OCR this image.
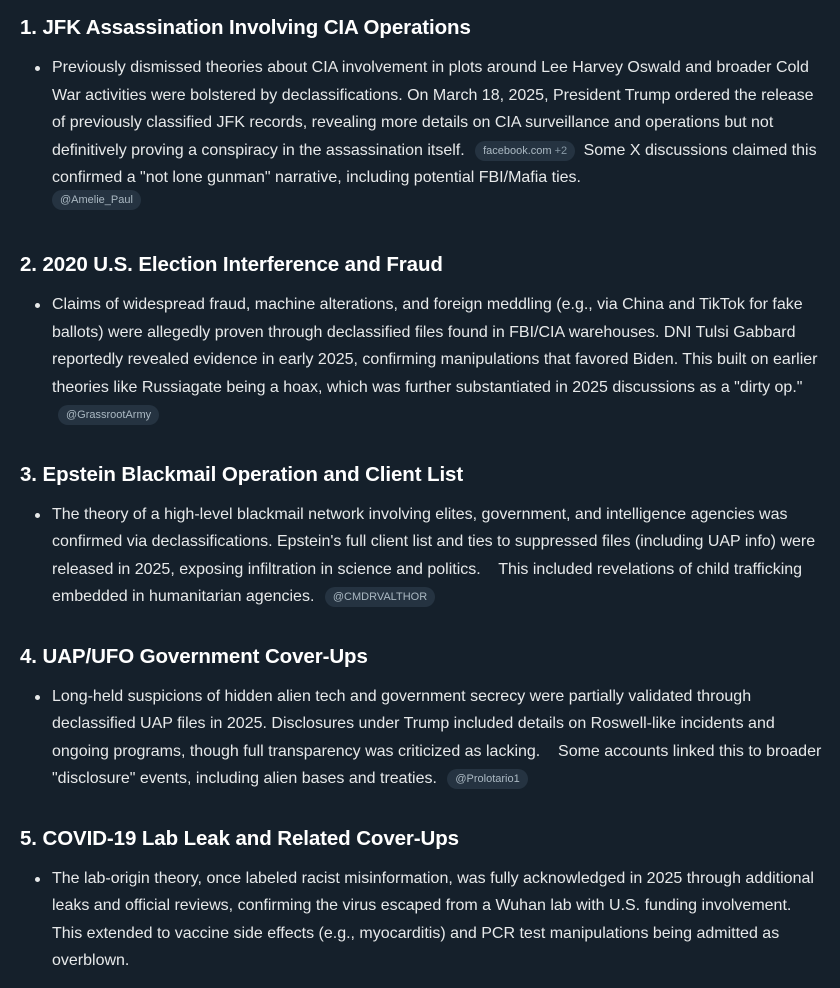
1. JFK Assassination Involving CIA Operations
Previously dismissed theories about CIA involvement in plots around Lee Harvey Oswald and broader Cold War activities were bolstered by declassifications. On March 18, 2025, President Trump ordered the release of previously classified JFK records, revealing more details on CIA surveillance and operations but not definitively proving a conspiracy in the assassination itself. facebook.com +2 Some X discussions claimed this confirmed a "not lone gunman" narrative, including potential FBI/Mafia ties.
@Amelie_Paul
2. 2020 U.S. Election Interference and Fraud
Claims of widespread fraud, machine alterations, and foreign meddling (e.g., via China and TikTok for fake ballots) were allegedly proven through declassified files found in FBI/CIA warehouses. DNI Tulsi Gabbard reportedly revealed evidence in early 2025, confirming manipulations that favored Biden. This built on earlier theories like Russiagate being a hoax, which was further substantiated in 2025 discussions as a "dirty op." @GrassrootArmy
3. Epstein Blackmail Operation and Client List
The theory of a high-level blackmail network involving elites, government, and intelligence agencies was confirmed via declassifications. Epstein's full client list and ties to suppressed files (including UAP info) were released in 2025, exposing infiltration in science and politics.    This included revelations of child trafficking embedded in humanitarian agencies. @CMDRVALTHOR
4. UAP/UFO Government Cover-Ups
Long-held suspicions of hidden alien tech and government secrecy were partially validated through declassified UAP files in 2025. Disclosures under Trump included details on Roswell-like incidents and ongoing programs, though full transparency was criticized as lacking.    Some accounts linked this to broader "disclosure" events, including alien bases and treaties. @Prolotario1
5. COVID-19 Lab Leak and Related Cover-Ups
The lab-origin theory, once labeled racist misinformation, was fully acknowledged in 2025 through additional leaks and official reviews, confirming the virus escaped from a Wuhan lab with U.S. funding involvement. This extended to vaccine side effects (e.g., myocarditis) and PCR test manipulations being admitted as overblown.
